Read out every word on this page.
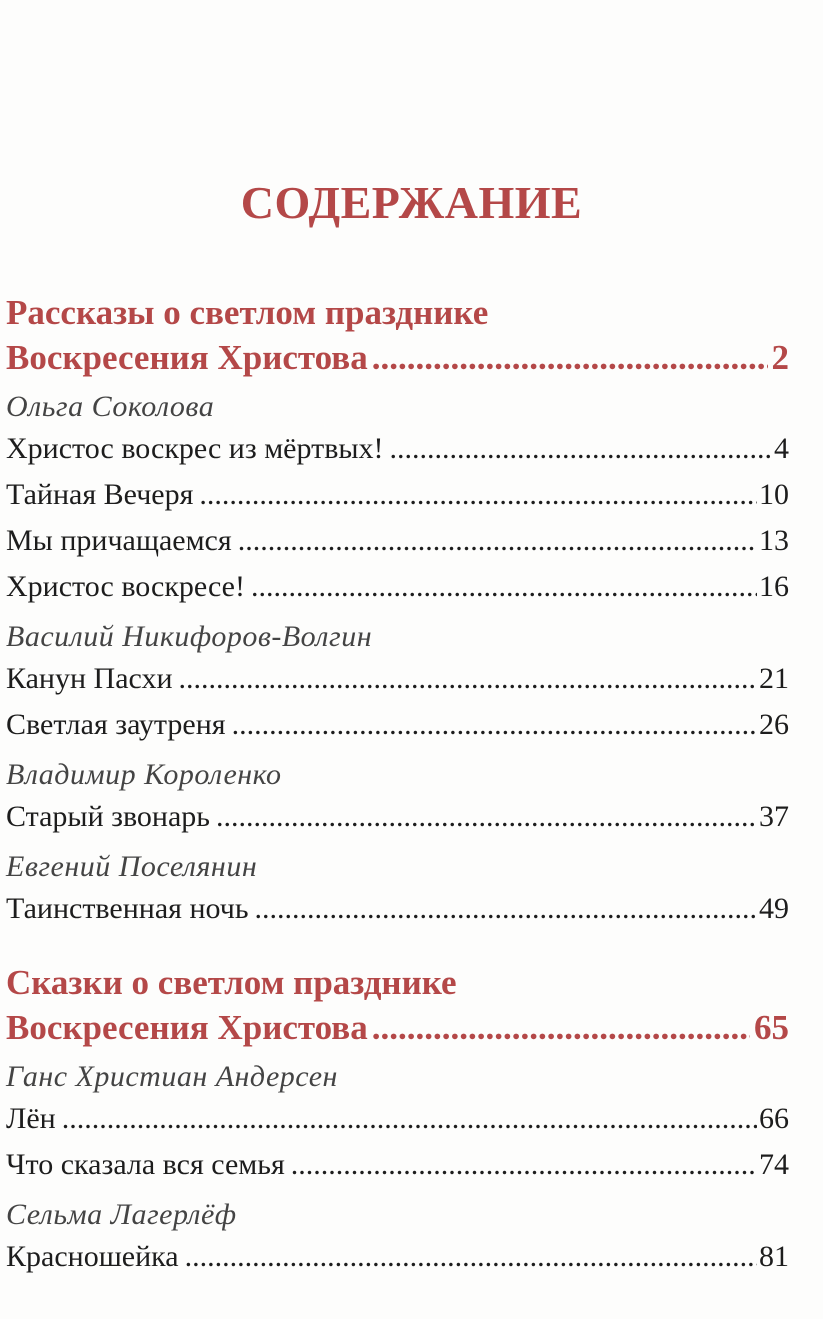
СОДЕРЖАНИЕ
Рассказы о светлом празднике
Воскресения Христова .....	2
Ольга Соколова
Христос воскрес из мёртвых! .....	4
Тайная Вечеря .....	10
Мы причащаемся .....	13
Христос воскресе! .....	16
Василий Никифоров-Волгин
Канун Пасхи .....	21
Светлая заутреня .....	26
Владимир Короленко
Старый звонарь .....	37
Евгений Поселянин
Таинственная ночь .....	49
Сказки о светлом празднике
Воскресения Христова .....	65
Ганс Христиан Андерсен
Лён .....	66
Что сказала вся семья .....	74
Сельма Лагерлёф
Красношейка .....	81
